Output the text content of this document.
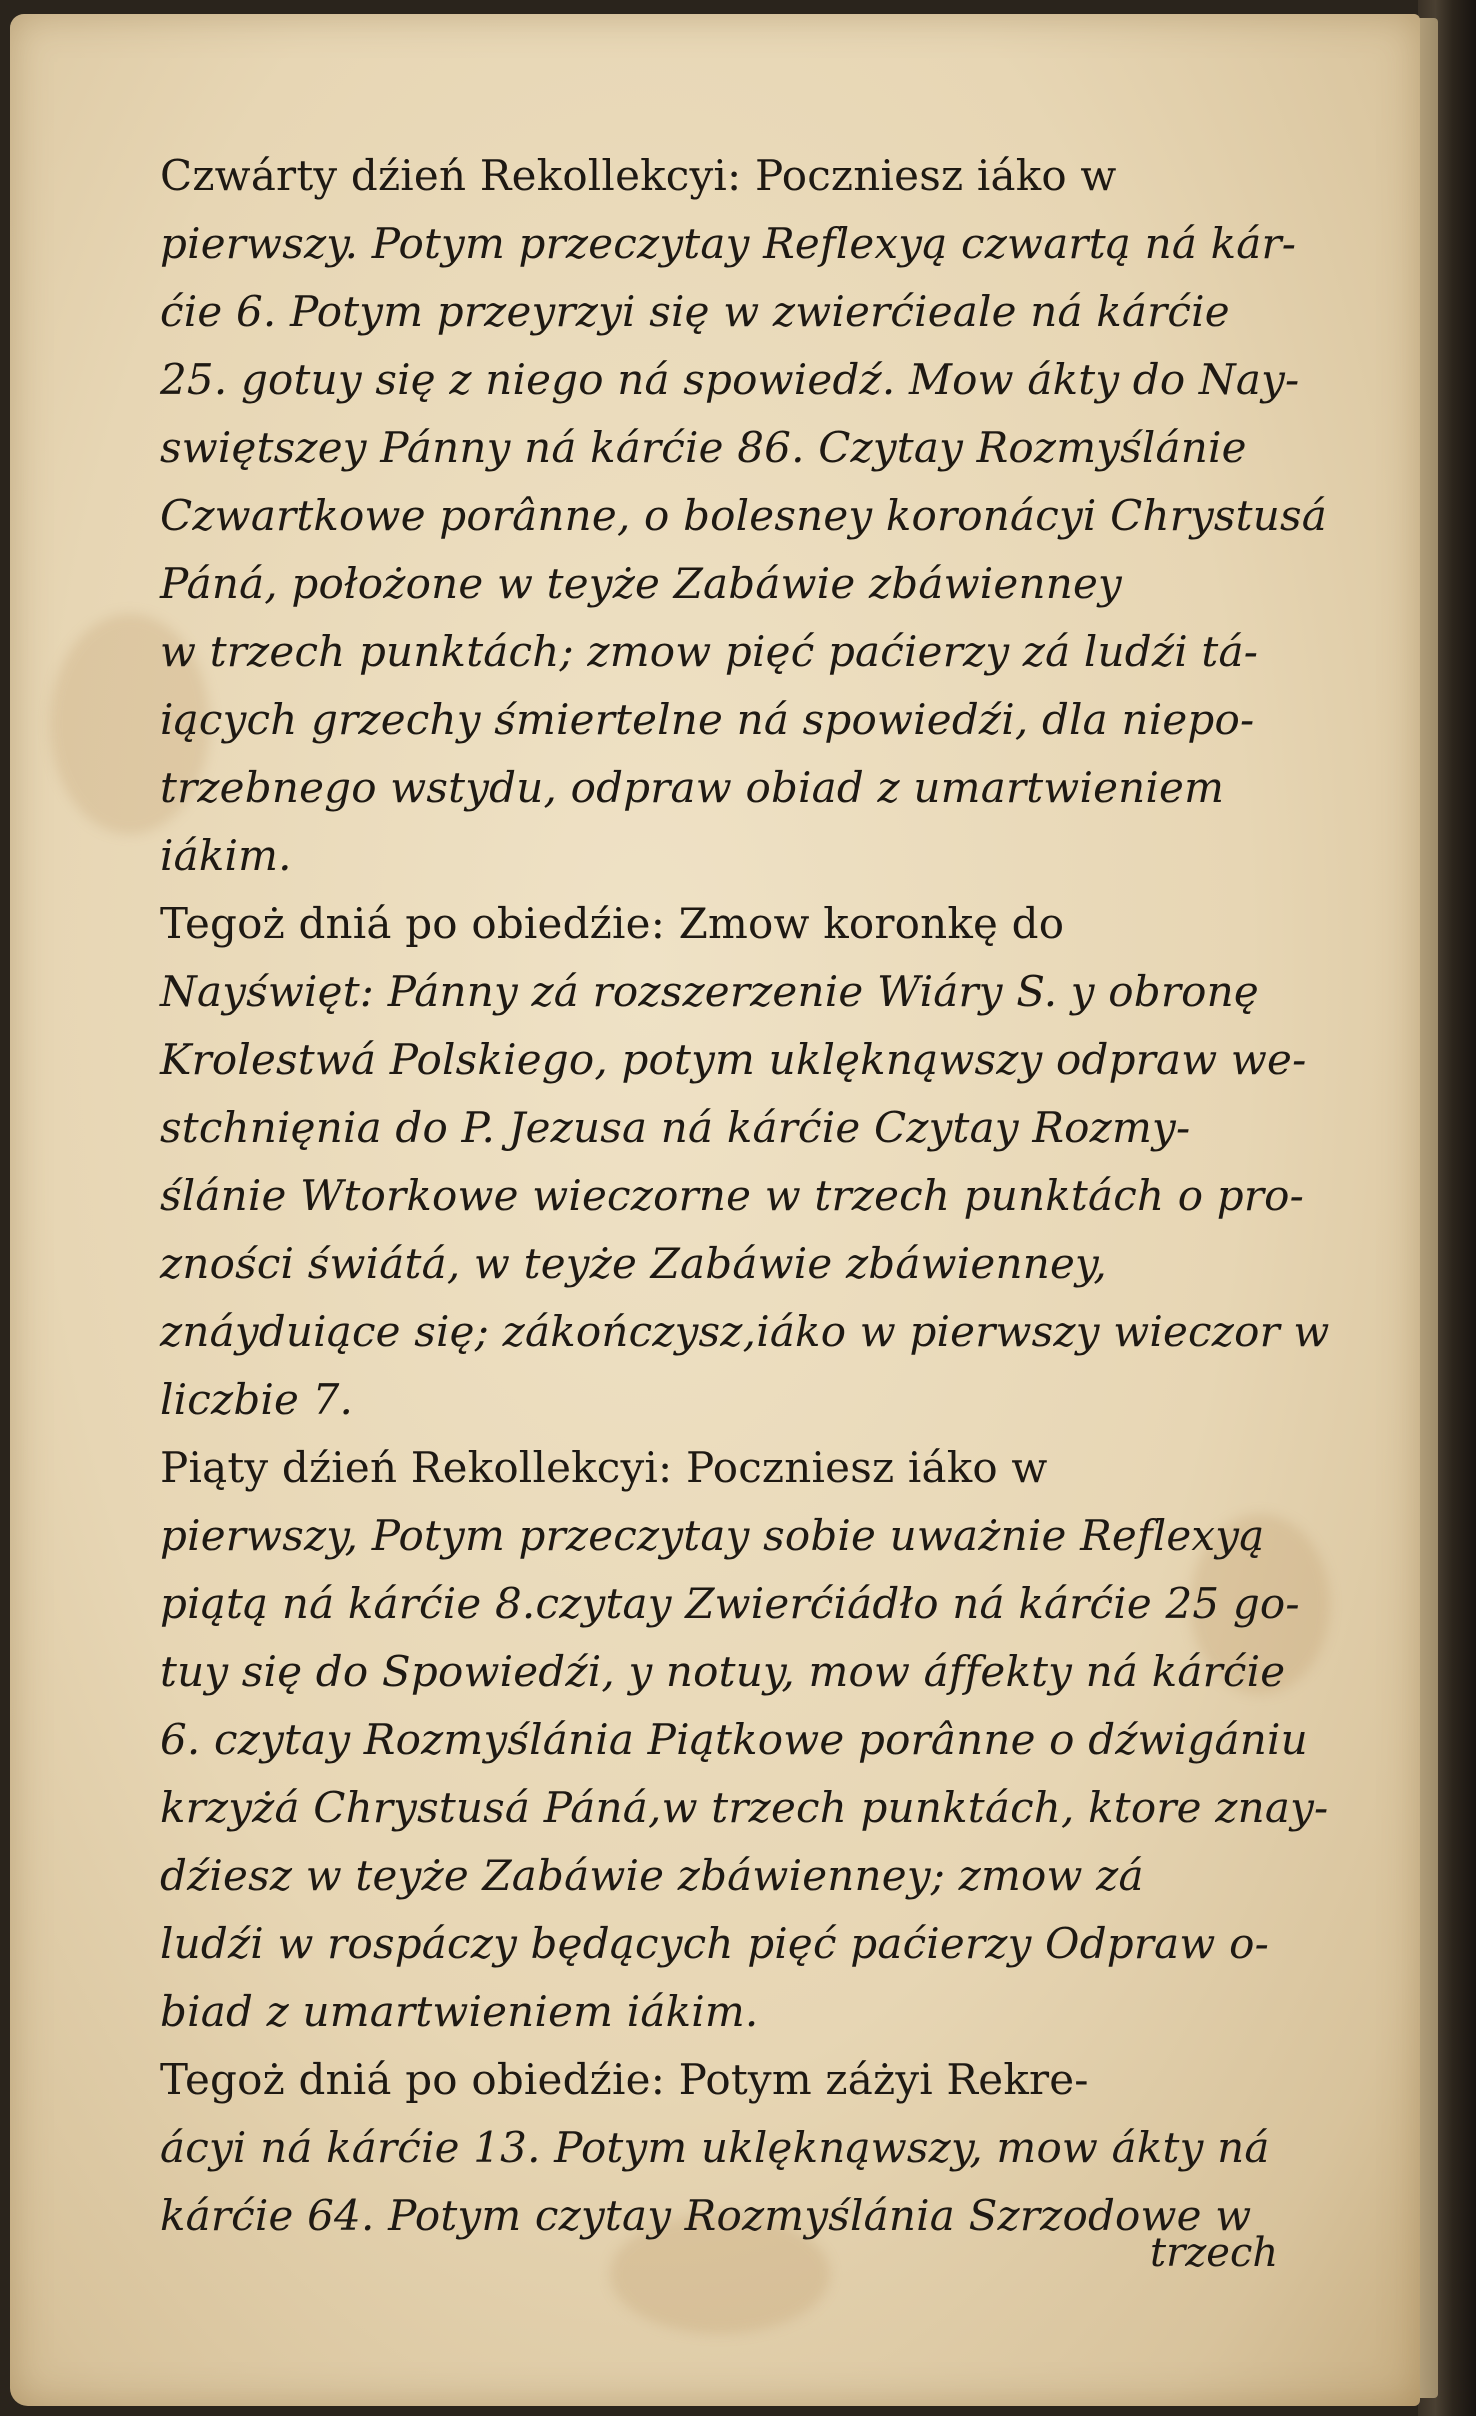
Czwárty dźień Rekollekcyi: Poczniesz iáko w
pierwszy. Potym przeczytay Reflexyą czwartą ná kár-
ćie 6. Potym przeyrzyi się w zwierćieale ná kárćie
25. gotuy się z niego ná spowiedź. Mow ákty do Nay-
swiętszey Pánny ná kárćie 86. Czytay Rozmyślánie
Czwartkowe porânne, o bolesney koronácyi Chrystusá
Páná, położone w teyże Zabáwie zbáwienney
w trzech punktách; zmow pięć paćierzy zá ludźi tá-
iących grzechy śmiertelne ná spowiedźi, dla niepo-
trzebnego wstydu, odpraw obiad z umartwieniem
iákim.
Tegoż dniá po obiedźie: Zmow koronkę do
Nayświęt: Pánny zá rozszerzenie Wiáry S. y obronę
Krolestwá Polskiego, potym uklęknąwszy odpraw we-
stchnięnia do P. Jezusa ná kárćie Czytay Rozmy-
ślánie Wtorkowe wieczorne w trzech punktách o pro-
zności świátá, w teyże Zabáwie zbáwienney,
znáyduiące się; zákończysz,iáko w pierwszy wieczor w
liczbie 7.
Piąty dźień Rekollekcyi: Poczniesz iáko w
pierwszy, Potym przeczytay sobie uważnie Reflexyą
piątą ná kárćie 8.czytay Zwierćiádło ná kárćie 25 go-
tuy się do Spowiedźi, y notuy, mow áffekty ná kárćie
6. czytay Rozmyślánia Piątkowe porânne o dźwigániu
krzyżá Chrystusá Páná,w trzech punktách, ktore znay-
dźiesz w teyże Zabáwie zbáwienney; zmow zá
ludźi w rospáczy będących pięć paćierzy Odpraw o-
biad z umartwieniem iákim.
Tegoż dniá po obiedźie: Potym záżyi Rekre-
ácyi ná kárćie 13. Potym uklęknąwszy, mow ákty ná
kárćie 64. Potym czytay Rozmyślánia Szrzodowe w
trzech
